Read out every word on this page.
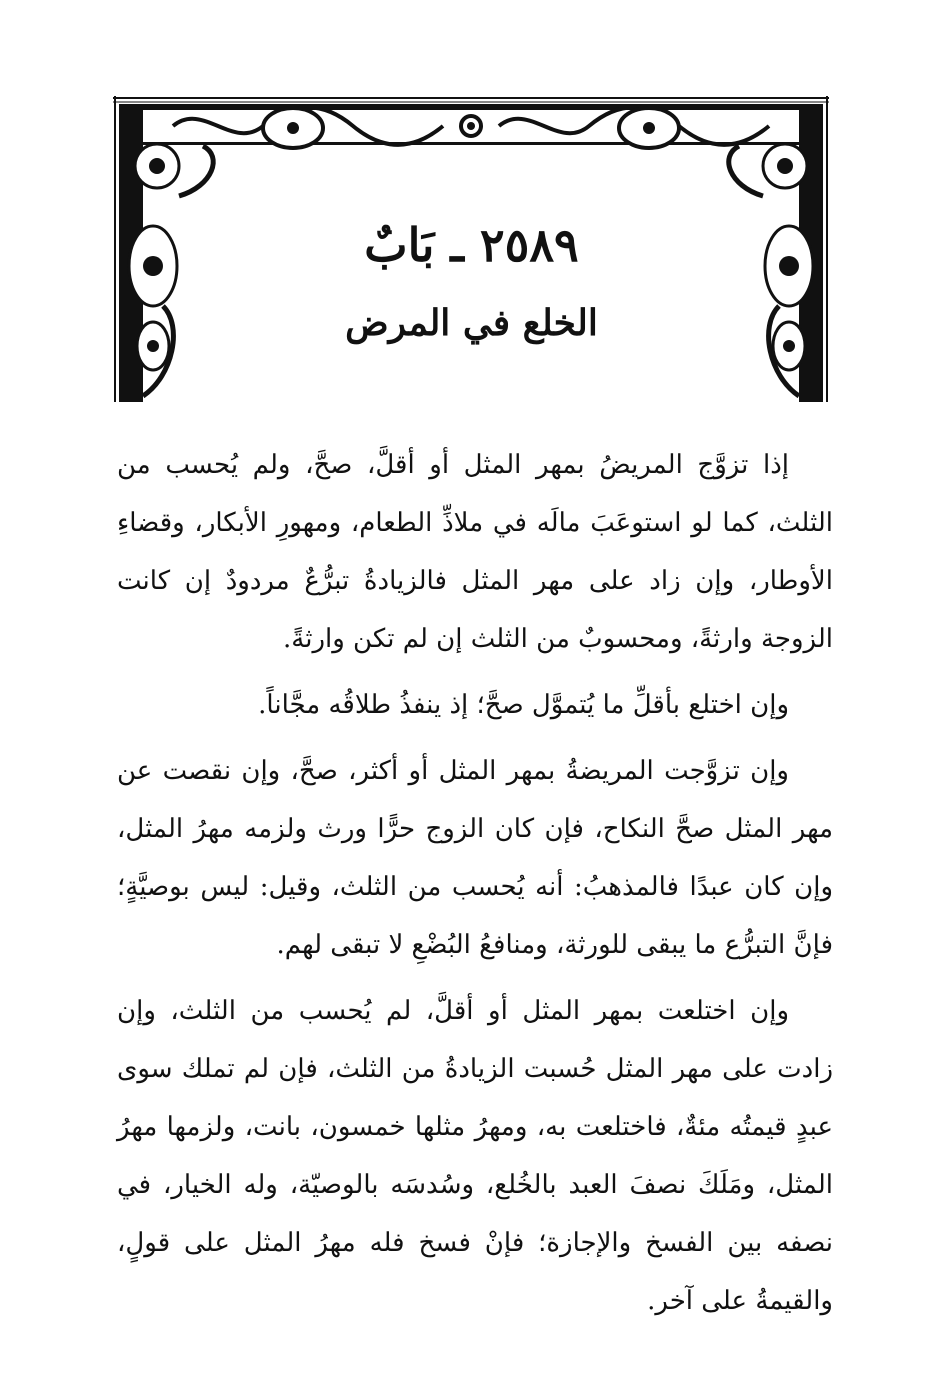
٢٥٨٩ ـ بَابٌ
الخلع في المرض

إذا تزوَّج المريضُ بمهر المثل أو أقلَّ، صحَّ، ولم يُحسب من الثلث، كما لو استوعَبَ مالَه في ملاذِّ الطعام، ومهورِ الأبكار، وقضاءِ الأوطار، وإن زاد على مهر المثل فالزيادةُ تبرُّعٌ مردودٌ إن كانت الزوجة وارثةً، ومحسوبٌ من الثلث إن لم تكن وارثةً.

وإن اختلع بأقلِّ ما يُتموَّل صحَّ؛ إذ ينفذُ طلاقُه مجَّاناً.

وإن تزوَّجت المريضةُ بمهر المثل أو أكثر، صحَّ، وإن نقصت عن مهر المثل صحَّ النكاح، فإن كان الزوج حرًّا ورث ولزمه مهرُ المثل، وإن كان عبدًا فالمذهبُ: أنه يُحسب من الثلث، وقيل: ليس بوصيَّةٍ؛ فإنَّ التبرُّع ما يبقى للورثة، ومنافعُ البُضْعِ لا تبقى لهم.

وإن اختلعت بمهر المثل أو أقلَّ، لم يُحسب من الثلث، وإن زادت على مهر المثل حُسبت الزيادةُ من الثلث، فإن لم تملك سوى عبدٍ قيمتُه مئةٌ، فاختلعت به، ومهرُ مثلها خمسون، بانت، ولزمها مهرُ المثل، ومَلَكَ نصفَ العبد بالخُلع، وسُدسَه بالوصيّة، وله الخيار، في نصفه بين الفسخ والإجازة؛ فإنْ فسخ فله مهرُ المثل على قولٍ، والقيمةُ على آخر.
